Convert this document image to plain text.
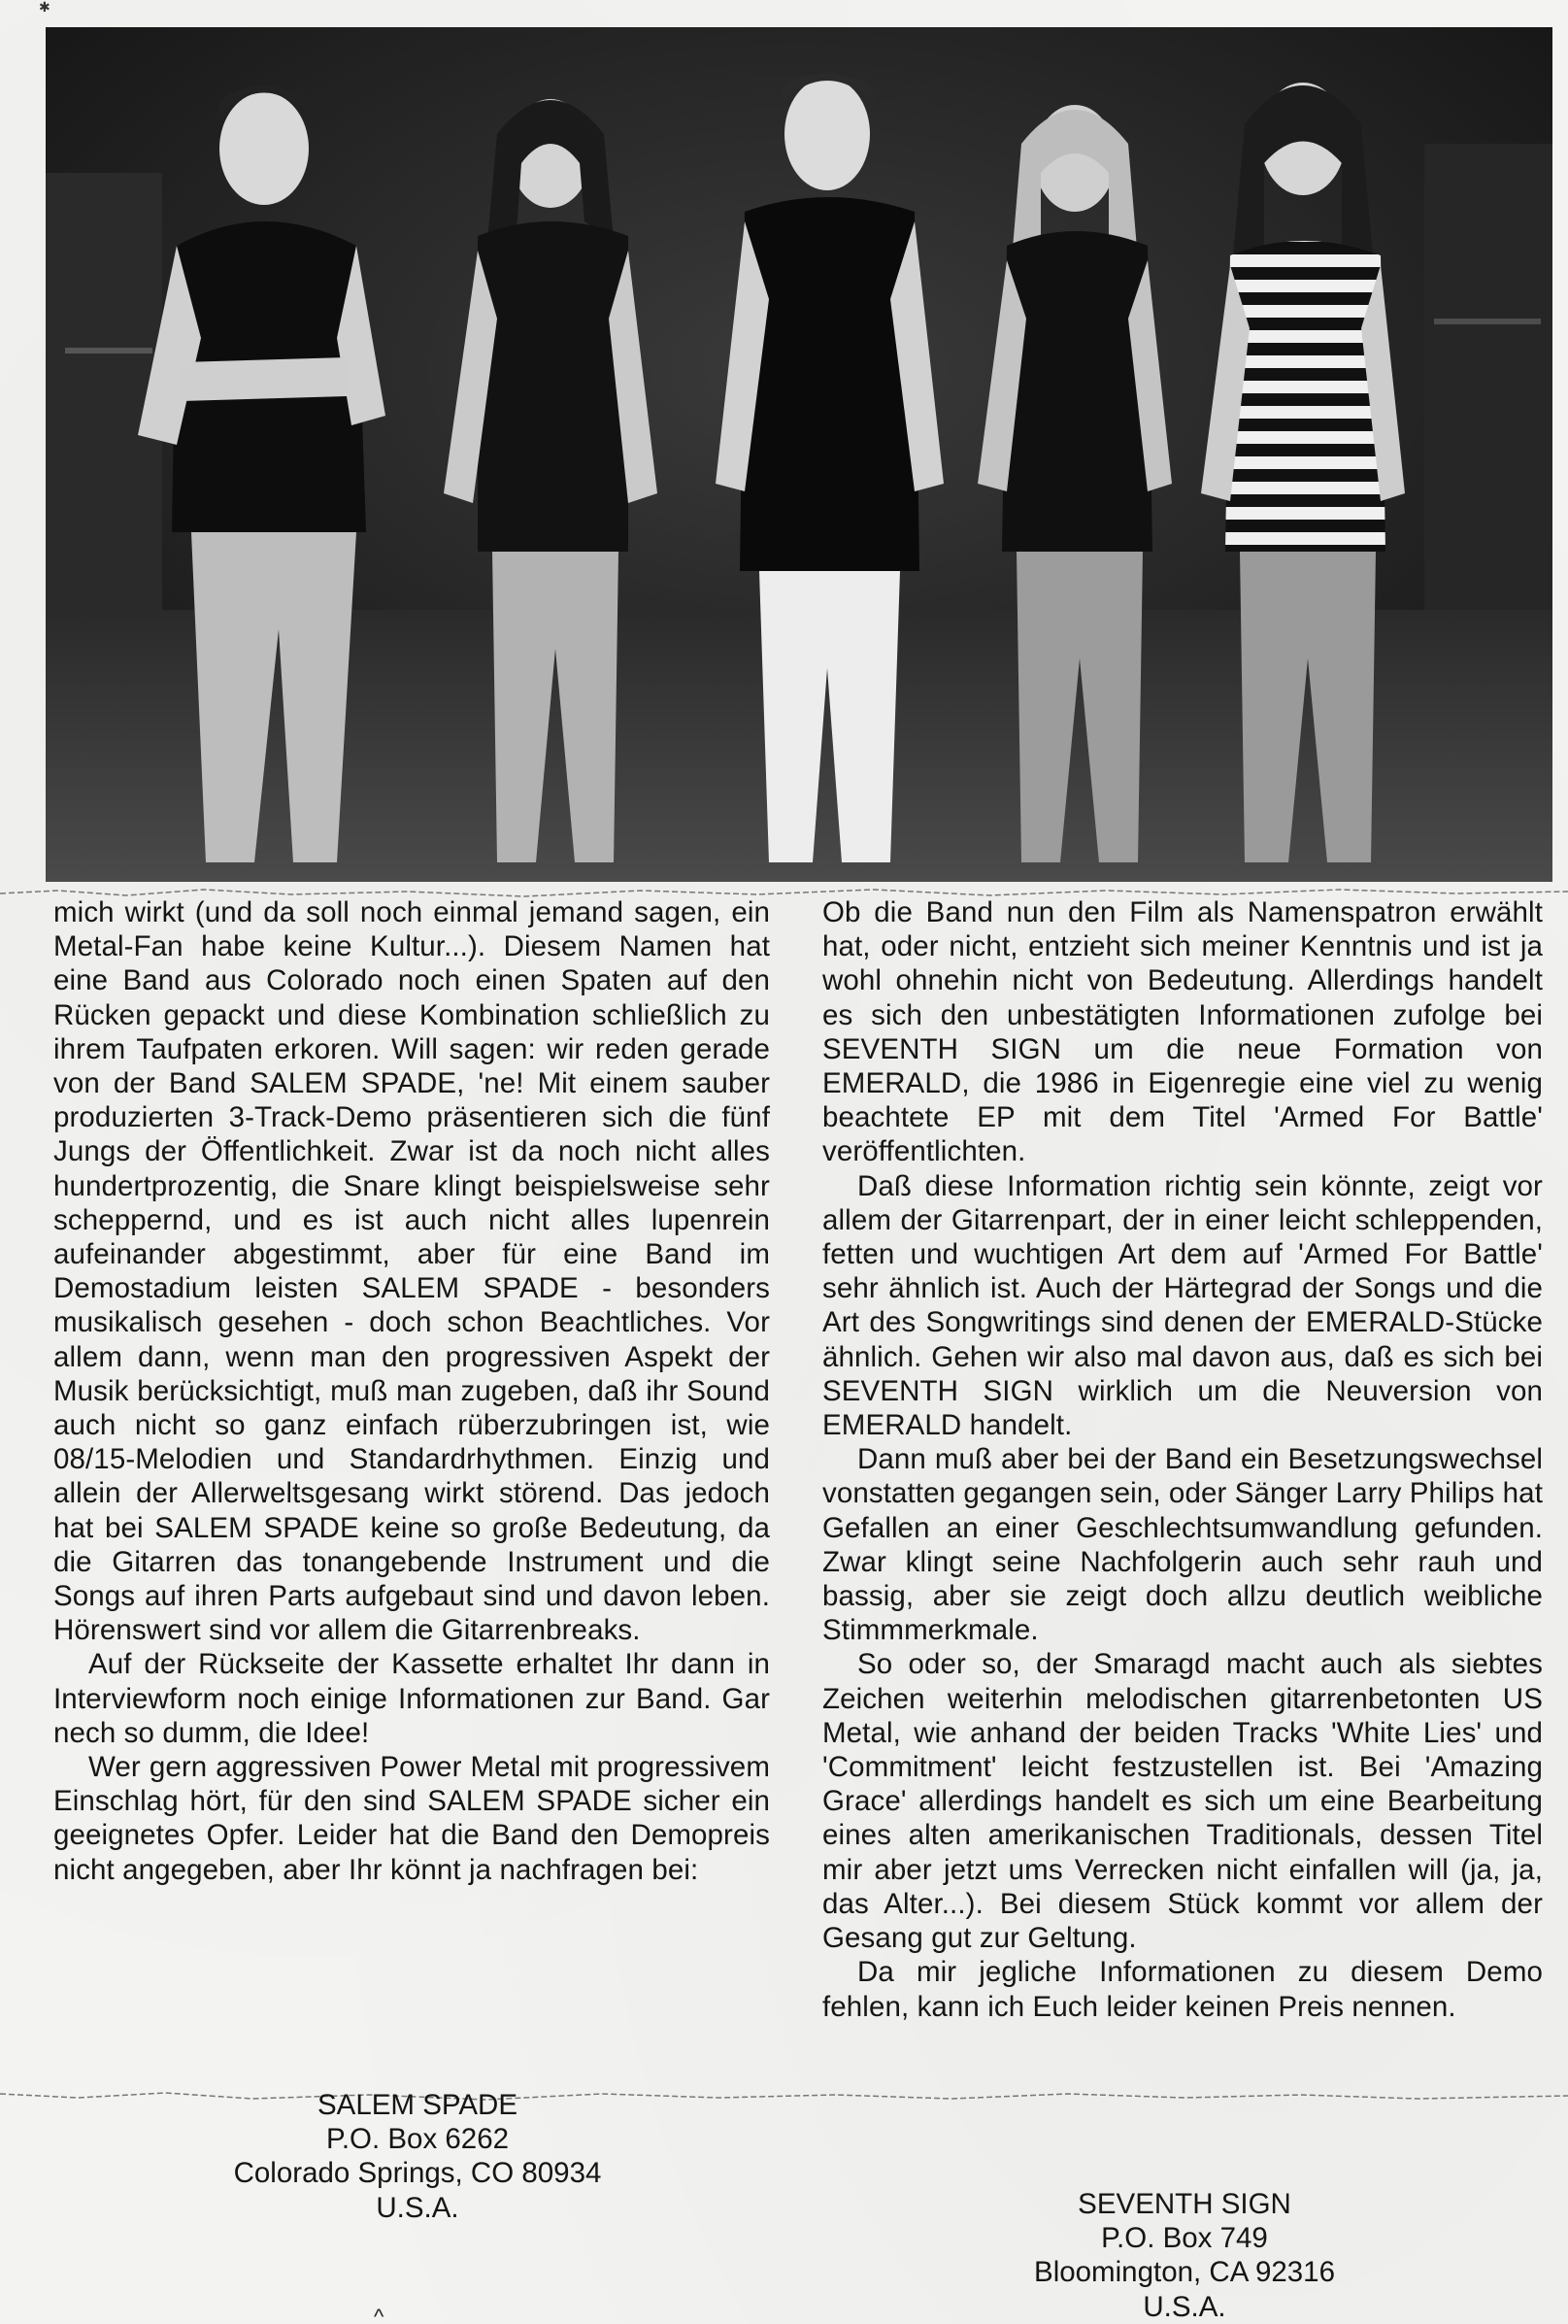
✱

mich wirkt (und da soll noch einmal jemand sagen, ein Metal-Fan habe keine Kultur...). Diesem Namen hat eine Band aus Colorado noch einen Spaten auf den Rücken gepackt und diese Kombination schließlich zu ihrem Taufpaten erkoren. Will sagen: wir reden gerade von der Band SALEM SPADE, 'ne! Mit einem sauber produzierten 3-Track-Demo präsentieren sich die fünf Jungs der Öffentlichkeit. Zwar ist da noch nicht alles hundertprozentig, die Snare klingt beispielsweise sehr scheppernd, und es ist auch nicht alles lupenrein aufeinander abgestimmt, aber für eine Band im Demostadium leisten SALEM SPADE - besonders musikalisch gesehen - doch schon Beachtliches. Vor allem dann, wenn man den progressiven Aspekt der Musik berücksichtigt, muß man zugeben, daß ihr Sound auch nicht so ganz einfach rüberzubringen ist, wie 08/15-Melodien und Standardrhythmen. Einzig und allein der Allerweltsgesang wirkt störend. Das jedoch hat bei SALEM SPADE keine so große Bedeutung, da die Gitarren das tonangebende Instrument und die Songs auf ihren Parts aufgebaut sind und davon leben. Hörenswert sind vor allem die Gitarrenbreaks.

Auf der Rückseite der Kassette erhaltet Ihr dann in Interviewform noch einige Informationen zur Band. Gar nech so dumm, die Idee!

Wer gern aggressiven Power Metal mit progressivem Einschlag hört, für den sind SALEM SPADE sicher ein geeignetes Opfer. Leider hat die Band den Demopreis nicht angegeben, aber Ihr könnt ja nachfragen bei:

Ob die Band nun den Film als Namenspatron erwählt hat, oder nicht, entzieht sich meiner Kenntnis und ist ja wohl ohnehin nicht von Bedeutung. Allerdings handelt es sich den unbestätigten Informationen zufolge bei SEVENTH SIGN um die neue Formation von EMERALD, die 1986 in Eigenregie eine viel zu wenig beachtete EP mit dem Titel 'Armed For Battle' veröffentlichten.

Daß diese Information richtig sein könnte, zeigt vor allem der Gitarrenpart, der in einer leicht schleppenden, fetten und wuchtigen Art dem auf 'Armed For Battle' sehr ähnlich ist. Auch der Härtegrad der Songs und die Art des Songwritings sind denen der EMERALD-Stücke ähnlich. Gehen wir also mal davon aus, daß es sich bei SEVENTH SIGN wirklich um die Neuversion von EMERALD handelt.

Dann muß aber bei der Band ein Besetzungswechsel vonstatten gegangen sein, oder Sänger Larry Philips hat Gefallen an einer Geschlechtsumwandlung gefunden. Zwar klingt seine Nachfolgerin auch sehr rauh und bassig, aber sie zeigt doch allzu deutlich weibliche Stimmmerkmale.

So oder so, der Smaragd macht auch als siebtes Zeichen weiterhin melodischen gitarrenbetonten US Metal, wie anhand der beiden Tracks 'White Lies' und 'Commitment' leicht festzustellen ist. Bei 'Amazing Grace' allerdings handelt es sich um eine Bearbeitung eines alten amerikanischen Traditionals, dessen Titel mir aber jetzt ums Verrecken nicht einfallen will (ja, ja, das Alter...). Bei diesem Stück kommt vor allem der Gesang gut zur Geltung.

Da mir jegliche Informationen zu diesem Demo fehlen, kann ich Euch leider keinen Preis nennen.

SALEM SPADE
P.O. Box 6262
Colorado Springs, CO 80934
U.S.A.	SEVENTH SIGN
P.O. Box 749
Bloomington, CA 92316
U.S.A.
^
